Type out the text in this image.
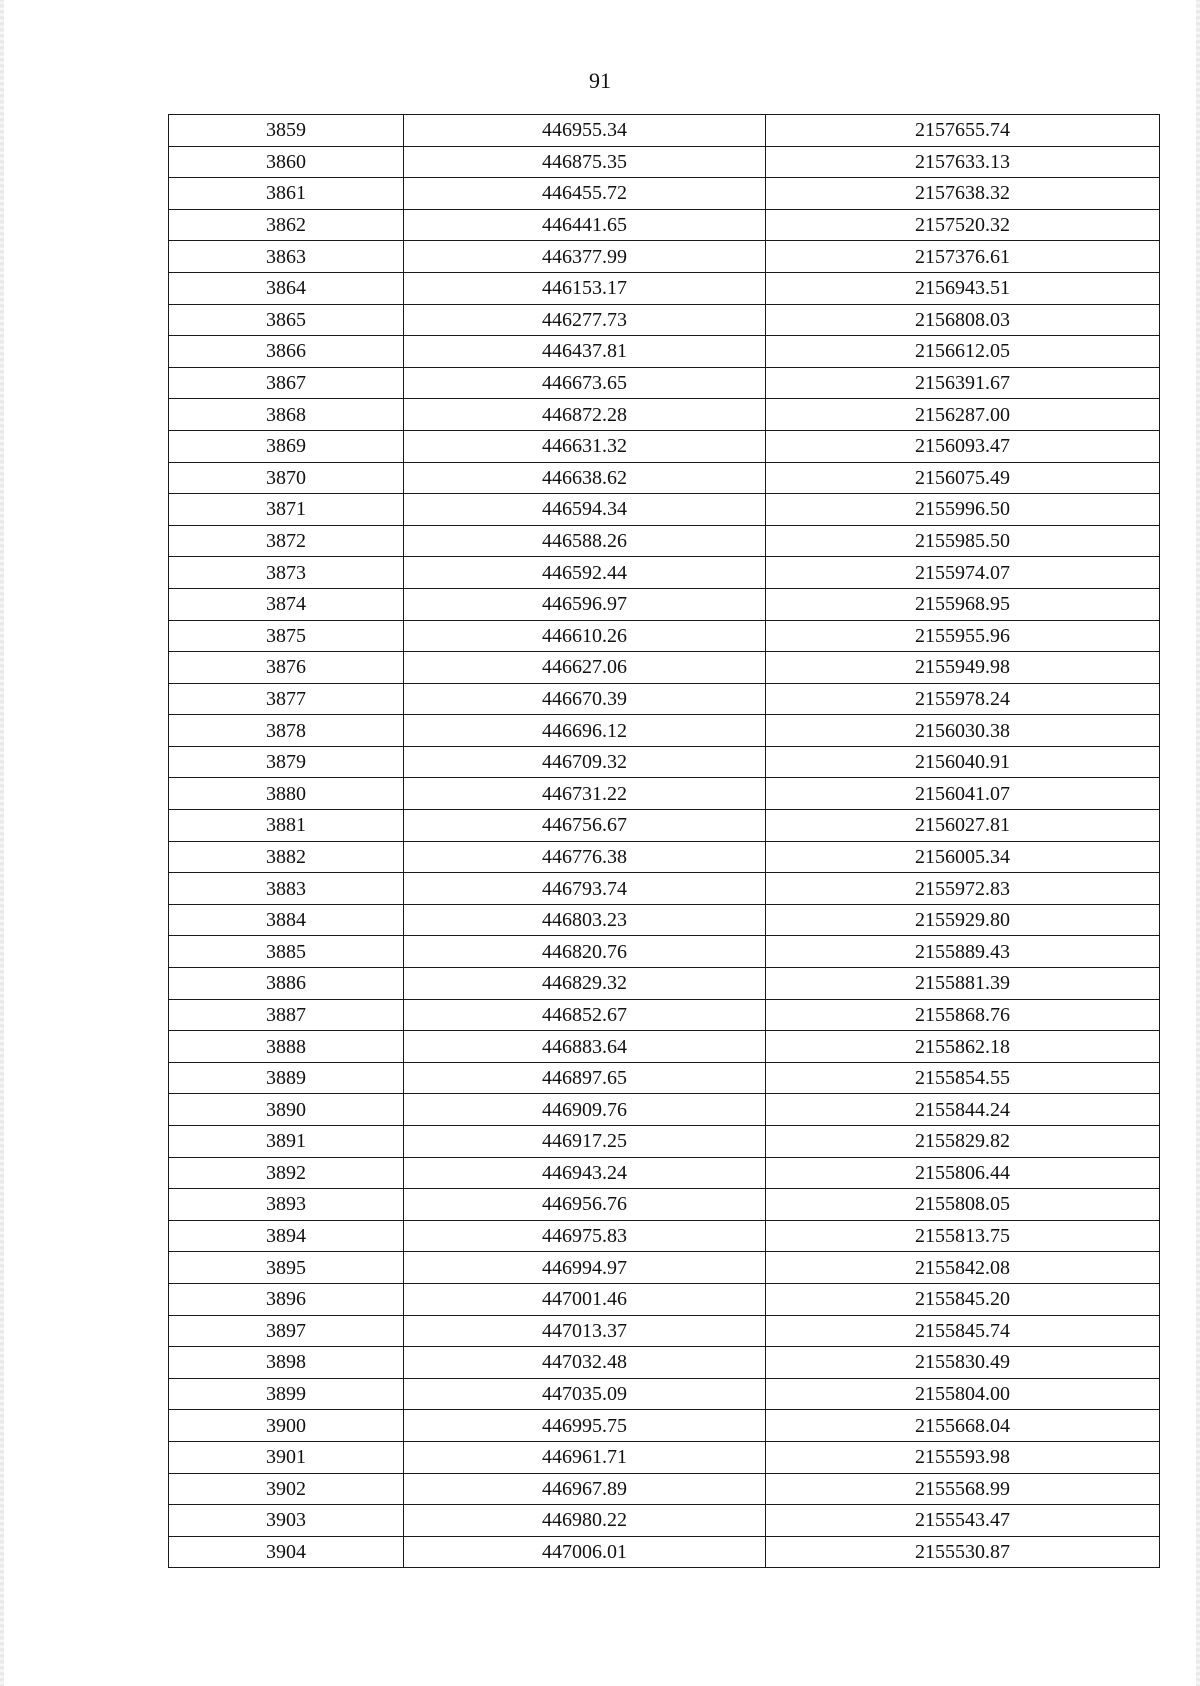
91
3859	446955.34	2157655.74
3860	446875.35	2157633.13
3861	446455.72	2157638.32
3862	446441.65	2157520.32
3863	446377.99	2157376.61
3864	446153.17	2156943.51
3865	446277.73	2156808.03
3866	446437.81	2156612.05
3867	446673.65	2156391.67
3868	446872.28	2156287.00
3869	446631.32	2156093.47
3870	446638.62	2156075.49
3871	446594.34	2155996.50
3872	446588.26	2155985.50
3873	446592.44	2155974.07
3874	446596.97	2155968.95
3875	446610.26	2155955.96
3876	446627.06	2155949.98
3877	446670.39	2155978.24
3878	446696.12	2156030.38
3879	446709.32	2156040.91
3880	446731.22	2156041.07
3881	446756.67	2156027.81
3882	446776.38	2156005.34
3883	446793.74	2155972.83
3884	446803.23	2155929.80
3885	446820.76	2155889.43
3886	446829.32	2155881.39
3887	446852.67	2155868.76
3888	446883.64	2155862.18
3889	446897.65	2155854.55
3890	446909.76	2155844.24
3891	446917.25	2155829.82
3892	446943.24	2155806.44
3893	446956.76	2155808.05
3894	446975.83	2155813.75
3895	446994.97	2155842.08
3896	447001.46	2155845.20
3897	447013.37	2155845.74
3898	447032.48	2155830.49
3899	447035.09	2155804.00
3900	446995.75	2155668.04
3901	446961.71	2155593.98
3902	446967.89	2155568.99
3903	446980.22	2155543.47
3904	447006.01	2155530.87
